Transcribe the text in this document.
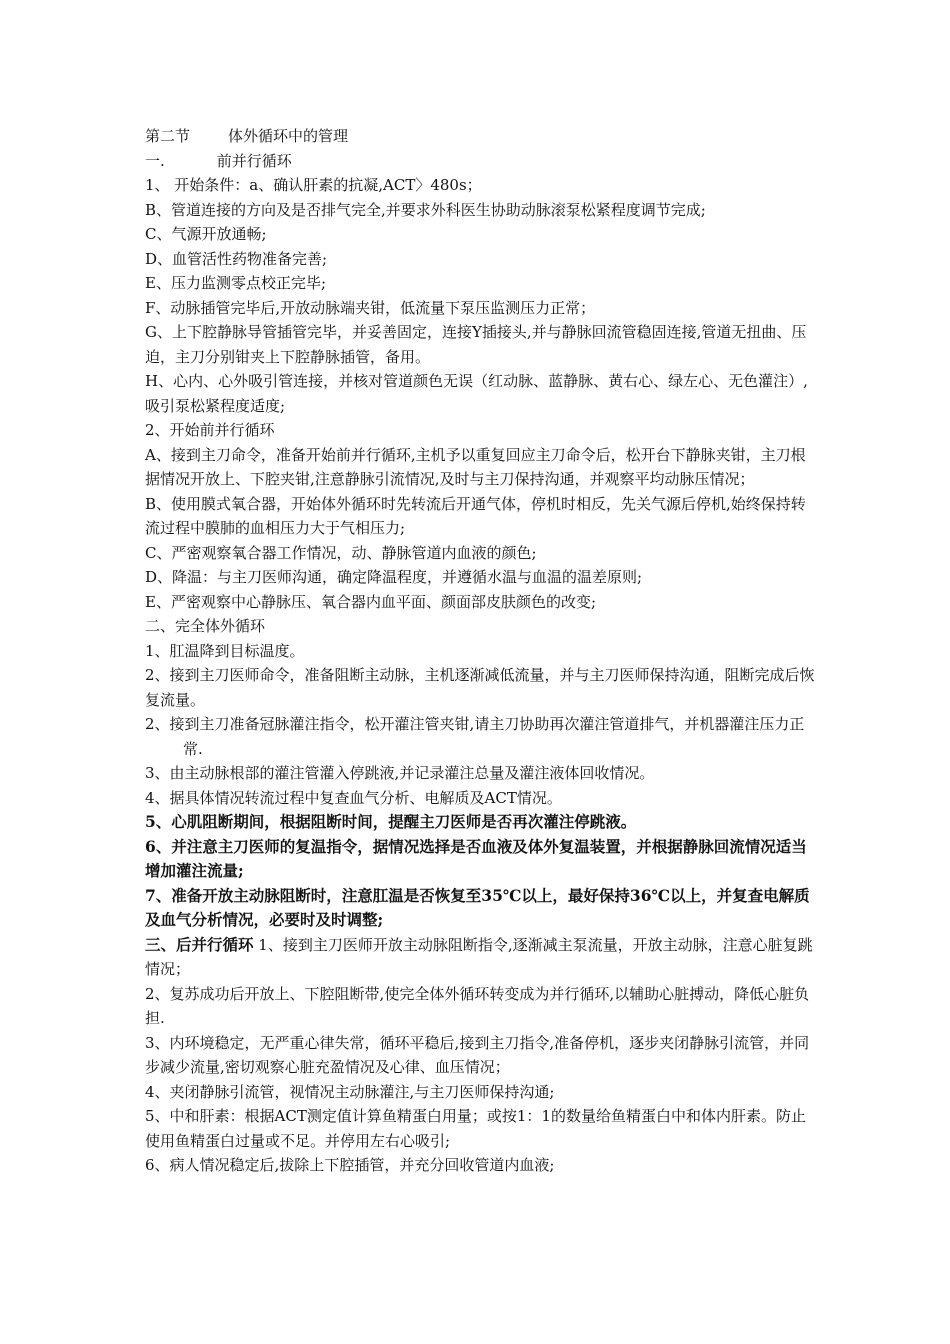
第二节	体外循环中的管理
一.	前并行循环

1、 开始条件：a、确认肝素的抗凝,ACT〉480s；

B、管道连接的方向及是否排气完全,并要求外科医生协助动脉滚泵松紧程度调节完成;

C、气源开放通畅;

D、血管活性药物准备完善;

E、压力监测零点校正完毕;

F、动脉插管完毕后,开放动脉端夹钳，低流量下泵压监测压力正常；

G、上下腔静脉导管插管完毕，并妥善固定，连接Y插接头,并与静脉回流管稳固连接,管道无扭曲、压迫，主刀分别钳夹上下腔静脉插管，备用。

H、心内、心外吸引管连接，并核对管道颜色无误（红动脉、蓝静脉、黄右心、绿左心、无色灌注）,吸引泵松紧程度适度;

2、开始前并行循环

A、接到主刀命令，准备开始前并行循环,主机予以重复回应主刀命令后，松开台下静脉夹钳，主刀根据情况开放上、下腔夹钳,注意静脉引流情况,及时与主刀保持沟通，并观察平均动脉压情况；

B、使用膜式氧合器，开始体外循环时先转流后开通气体，停机时相反，先关气源后停机,始终保持转流过程中膜肺的血相压力大于气相压力;

C、严密观察氧合器工作情况，动、静脉管道内血液的颜色;

D、降温：与主刀医师沟通，确定降温程度，并遵循水温与血温的温差原则;

E、严密观察中心静脉压、氧合器内血平面、颜面部皮肤颜色的改变;

二、完全体外循环

1、肛温降到目标温度。

2、接到主刀医师命令，准备阻断主动脉，主机逐渐减低流量，并与主刀医师保持沟通，阻断完成后恢复流量。

2、接到主刀准备冠脉灌注指令，松开灌注管夹钳,请主刀协助再次灌注管道排气，并机器灌注压力正常.

3、由主动脉根部的灌注管灌入停跳液,并记录灌注总量及灌注液体回收情况。

4、据具体情况转流过程中复查血气分析、电解质及ACT情况。

5、心肌阻断期间，根据阻断时间，提醒主刀医师是否再次灌注停跳液。

6、并注意主刀医师的复温指令，据情况选择是否血液及体外复温装置，并根据静脉回流情况适当增加灌注流量;

7、准备开放主动脉阻断时，注意肛温是否恢复至35℃以上，最好保持36℃以上，并复查电解质及血气分析情况，必要时及时调整;

三、后并行循环 1、接到主刀医师开放主动脉阻断指令,逐渐减主泵流量，开放主动脉，注意心脏复跳情况；

2、复苏成功后开放上、下腔阻断带,使完全体外循环转变成为并行循环,以辅助心脏搏动，降低心脏负担.

3、内环境稳定，无严重心律失常，循环平稳后,接到主刀指令,准备停机，逐步夹闭静脉引流管，并同步减少流量,密切观察心脏充盈情况及心律、血压情况；

4、夹闭静脉引流管，视情况主动脉灌注,与主刀医师保持沟通;

5、中和肝素：根据ACT测定值计算鱼精蛋白用量；或按1：1的数量给鱼精蛋白中和体内肝素。防止使用鱼精蛋白过量或不足。并停用左右心吸引;

6、病人情况稳定后,拔除上下腔插管，并充分回收管道内血液;
